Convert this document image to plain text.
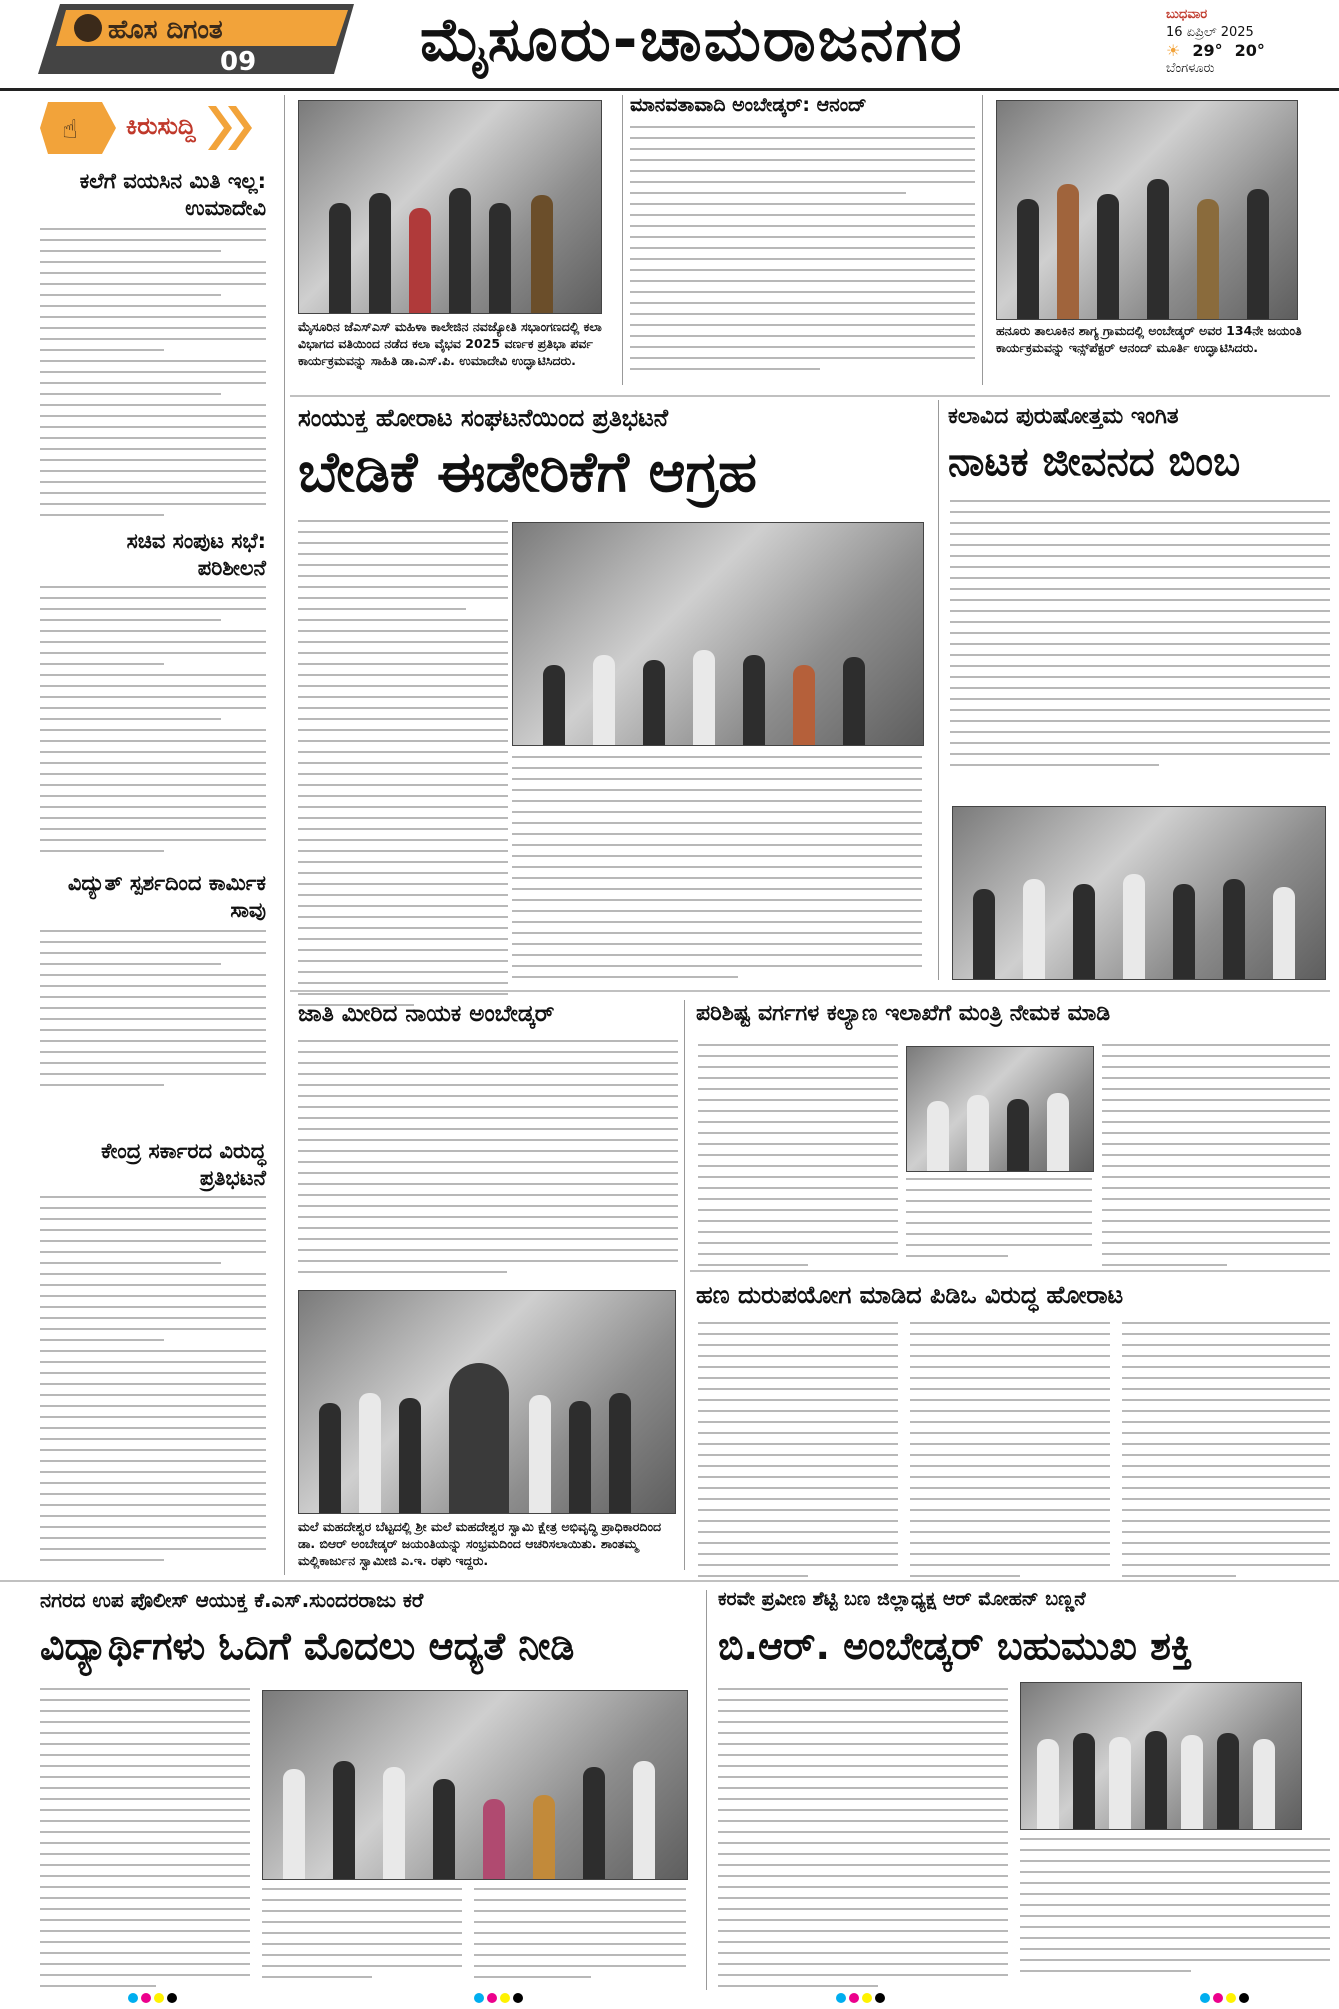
ಹೊಸ ದಿಗಂತ
09	ಮೈಸೂರು-ಚಾಮರಾಜನಗರ	ಬುಧವಾರ
16 ಏಪ್ರಿಲ್ 2025
☀ 29° 20°
ಬೆಂಗಳೂರು
☝ ಕಿರುಸುದ್ದಿ
ಕಲೆಗೆ ವಯಸಿನ ಮಿತಿ ಇಲ್ಲ: ಉಮಾದೇವಿ
ಸಚಿವ ಸಂಪುಟ ಸಭೆ: ಪರಿಶೀಲನೆ
ವಿದ್ಯುತ್ ಸ್ಪರ್ಶದಿಂದ ಕಾರ್ಮಿಕ ಸಾವು
ಕೇಂದ್ರ ಸರ್ಕಾರದ ವಿರುದ್ಧ ಪ್ರತಿಭಟನೆ
ಮೈಸೂರಿನ ಜೆಎಸ್‌ಎಸ್ ಮಹಿಳಾ ಕಾಲೇಜಿನ ನವಜ್ಯೋತಿ ಸಭಾಂಗಣದಲ್ಲಿ ಕಲಾ ವಿಭಾಗದ ವತಿಯಿಂದ ನಡೆದ ಕಲಾ ವೈಭವ 2025 ವರ್ಣಕ ಪ್ರತಿಭಾ ಪರ್ವ ಕಾರ್ಯಕ್ರಮವನ್ನು ಸಾಹಿತಿ ಡಾ.ಎಸ್.ಪಿ. ಉಮಾದೇವಿ ಉದ್ಘಾಟಿಸಿದರು.
ಮಾನವತಾವಾದಿ ಅಂಬೇಡ್ಕರ್: ಆನಂದ್
ಹನೂರು ತಾಲೂಕಿನ ಶಾಗ್ಯ ಗ್ರಾಮದಲ್ಲಿ ಅಂಬೇಡ್ಕರ್ ಅವರ 134ನೇ ಜಯಂತಿ ಕಾರ್ಯಕ್ರಮವನ್ನು ಇನ್ಸ್‌ಪೆಕ್ಟರ್ ಆನಂದ್ ಮೂರ್ತಿ ಉದ್ಘಾಟಿಸಿದರು.
ಸಂಯುಕ್ತ ಹೋರಾಟ ಸಂಘಟನೆಯಿಂದ ಪ್ರತಿಭಟನೆ
ಬೇಡಿಕೆ ಈಡೇರಿಕೆಗೆ ಆಗ್ರಹ
ಕಲಾವಿದ ಪುರುಷೋತ್ತಮ ಇಂಗಿತ
ನಾಟಕ ಜೀವನದ ಬಿಂಬ
ಜಾತಿ ಮೀರಿದ ನಾಯಕ ಅಂಬೇಡ್ಕರ್	ಪರಿಶಿಷ್ಟ ವರ್ಗಗಳ ಕಲ್ಯಾಣ ಇಲಾಖೆಗೆ ಮಂತ್ರಿ ನೇಮಕ ಮಾಡಿ
ಮಲೆ ಮಹದೇಶ್ವರ ಬೆಟ್ಟದಲ್ಲಿ ಶ್ರೀ ಮಲೆ ಮಹದೇಶ್ವರ ಸ್ವಾಮಿ ಕ್ಷೇತ್ರ ಅಭಿವೃದ್ಧಿ ಪ್ರಾಧಿಕಾರದಿಂದ ಡಾ. ಬಿಆರ್ ಅಂಬೇಡ್ಕರ್ ಜಯಂತಿಯನ್ನು ಸಂಭ್ರಮದಿಂದ ಆಚರಿಸಲಾಯಿತು. ಶಾಂತಮ್ಮ ಮಲ್ಲಿಕಾರ್ಜುನ ಸ್ವಾಮೀಜಿ ಎ.ಇ. ರಘು ಇದ್ದರು.
ಹಣ ದುರುಪಯೋಗ ಮಾಡಿದ ಪಿಡಿಒ ವಿರುದ್ಧ ಹೋರಾಟ
ನಗರದ ಉಪ ಪೊಲೀಸ್ ಆಯುಕ್ತ ಕೆ.ಎಸ್.ಸುಂದರರಾಜು ಕರೆ
ವಿದ್ಯಾರ್ಥಿಗಳು ಓದಿಗೆ ಮೊದಲು ಆದ್ಯತೆ ನೀಡಿ
ಕರವೇ ಪ್ರವೀಣ ಶೆಟ್ಟಿ ಬಣ ಜಿಲ್ಲಾಧ್ಯಕ್ಷ ಆರ್ ಮೋಹನ್ ಬಣ್ಣನೆ
ಬಿ.ಆರ್. ಅಂಬೇಡ್ಕರ್ ಬಹುಮುಖ ಶಕ್ತಿ
